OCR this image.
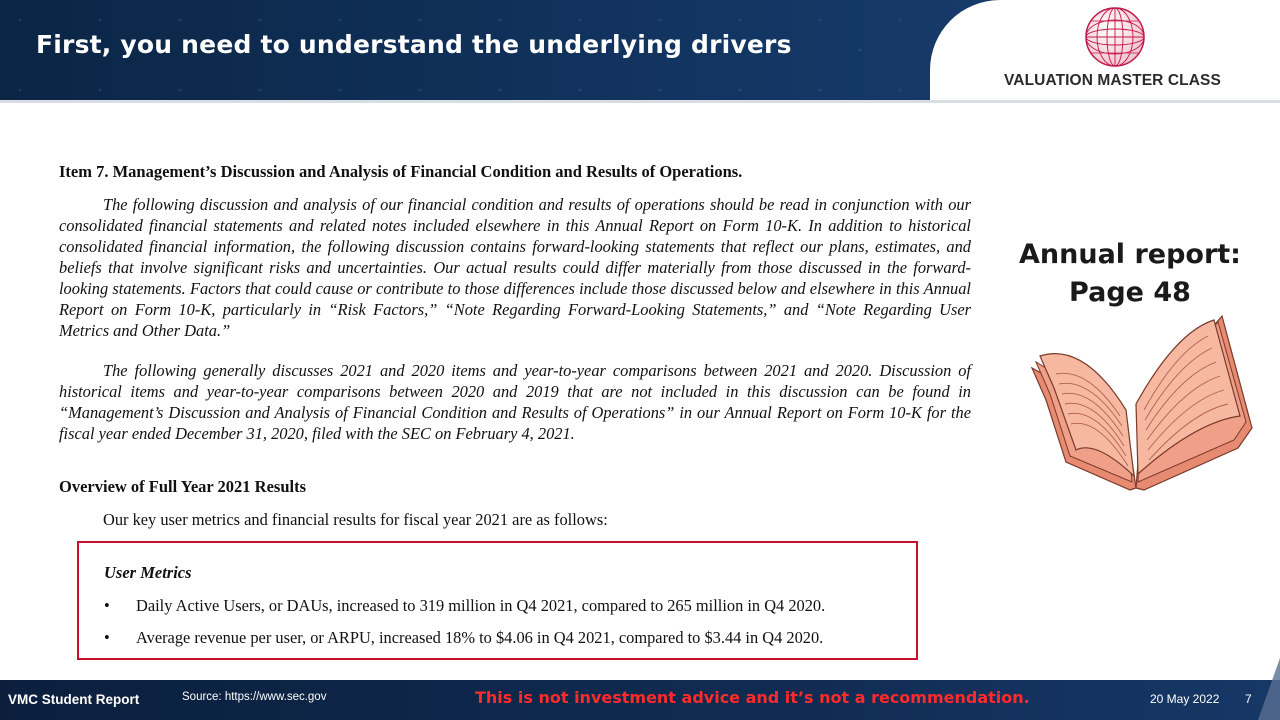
First, you need to understand the underlying drivers
VALUATION MASTER CLASS
Item 7. Management’s Discussion and Analysis of Financial Condition and Results of Operations.
The following discussion and analysis of our financial condition and results of operations should be read in conjunction with our consolidated financial statements and related notes included elsewhere in this Annual Report on Form 10-K. In addition to historical consolidated financial information, the following discussion contains forward-looking statements that reflect our plans, estimates, and beliefs that involve significant risks and uncertainties. Our actual results could differ materially from those discussed in the forward-looking statements. Factors that could cause or contribute to those differences include those discussed below and elsewhere in this Annual Report on Form 10-K, particularly in “Risk Factors,” “Note Regarding Forward-Looking Statements,” and “Note Regarding User Metrics and Other Data.”
The following generally discusses 2021 and 2020 items and year-to-year comparisons between 2021 and 2020. Discussion of historical items and year-to-year comparisons between 2020 and 2019 that are not included in this discussion can be found in “Management’s Discussion and Analysis of Financial Condition and Results of Operations” in our Annual Report on Form 10-K for the fiscal year ended December 31, 2020, filed with the SEC on February 4, 2021.
Overview of Full Year 2021 Results
Our key user metrics and financial results for fiscal year 2021 are as follows:
User Metrics
• Daily Active Users, or DAUs, increased to 319 million in Q4 2021, compared to 265 million in Q4 2020.
• Average revenue per user, or ARPU, increased 18% to $4.06 in Q4 2021, compared to $3.44 in Q4 2020.
Annual report:
Page 48
VMC Student Report	Source: https://www.sec.gov	This is not investment advice and it’s not a recommendation.	20 May 2022 7
